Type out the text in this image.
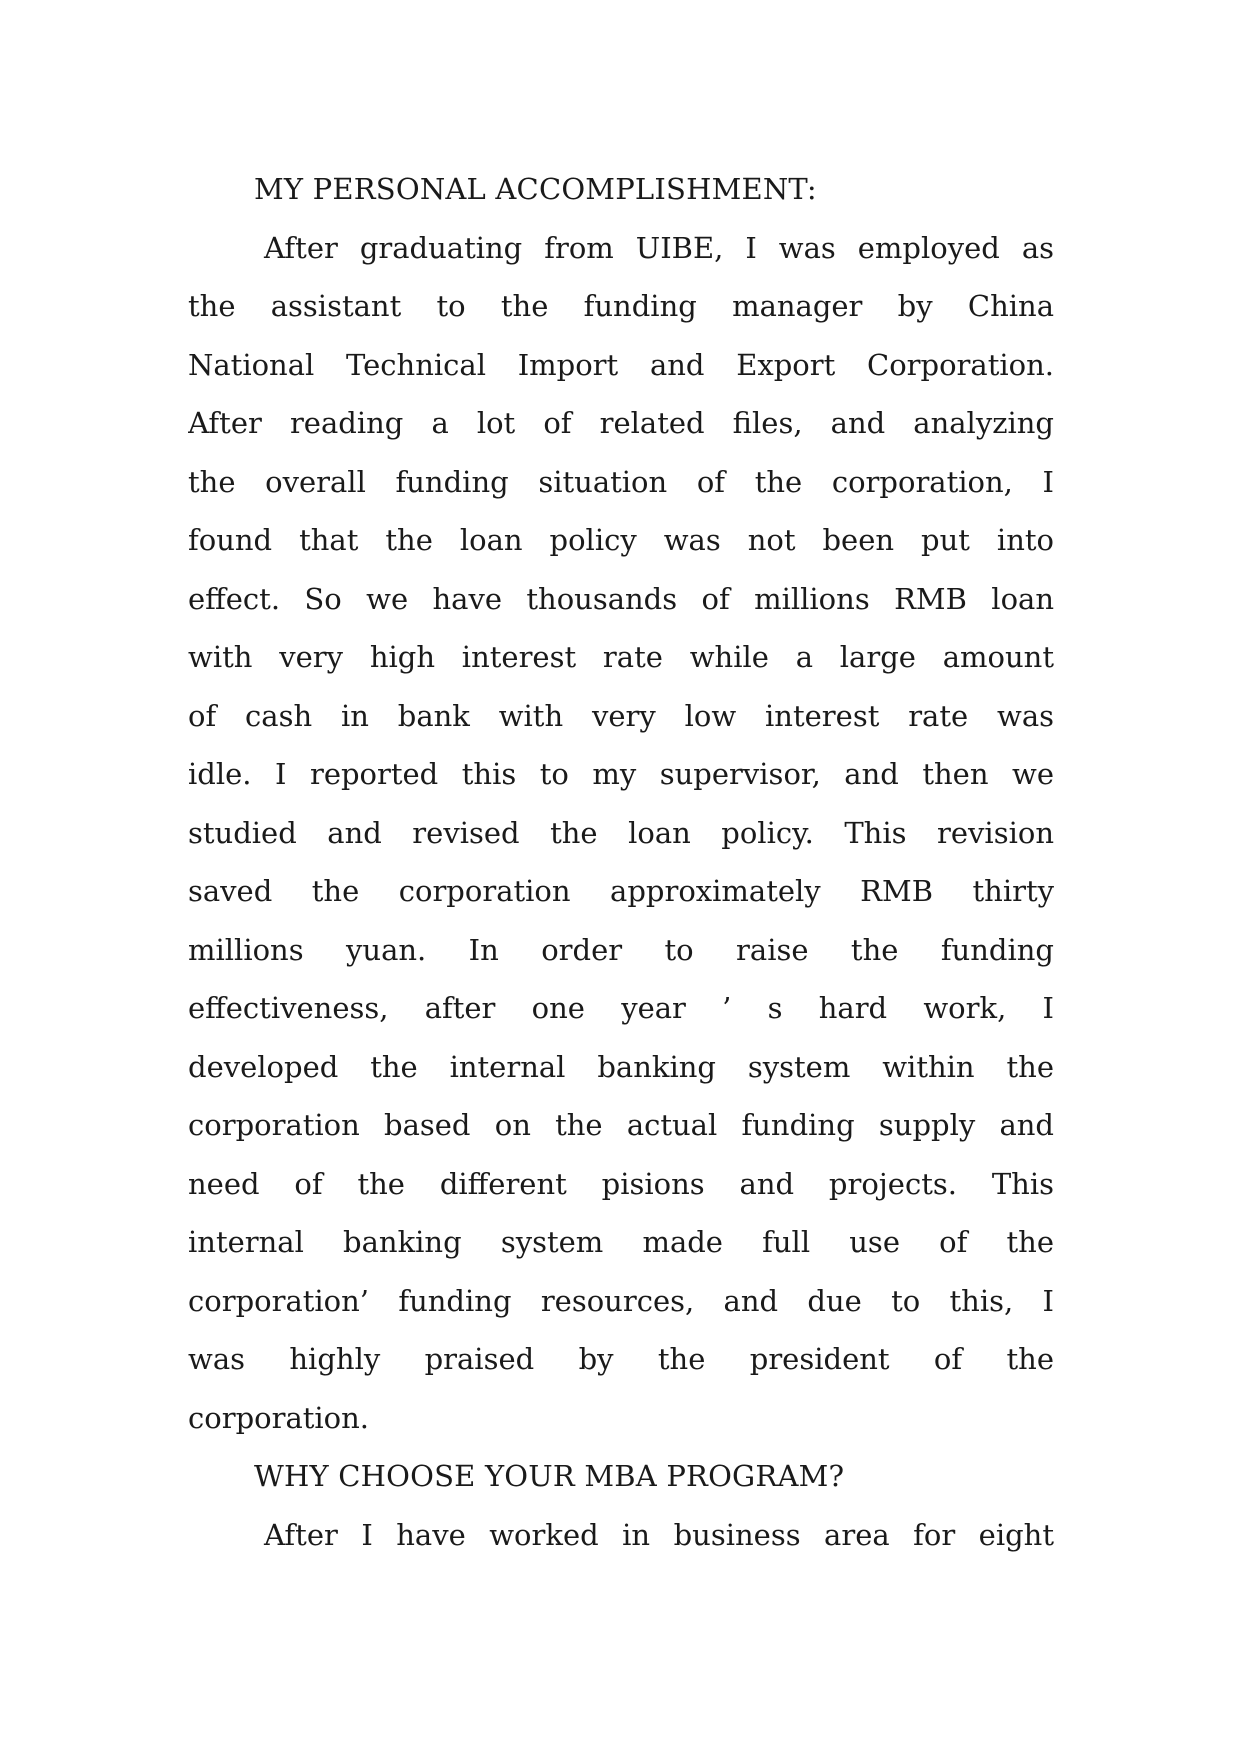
MY PERSONAL ACCOMPLISHMENT:

After graduating from UIBE, I was employed as

the assistant to the funding manager by China

National Technical Import and Export Corporation.

After reading a lot of related files, and analyzing

the overall funding situation of the corporation, I

found that the loan policy was not been put into

effect. So we have thousands of millions RMB loan

with very high interest rate while a large amount

of cash in bank with very low interest rate was

idle. I reported this to my supervisor, and then we

studied and revised the loan policy. This revision

saved the corporation approximately RMB thirty

millions yuan. In order to raise the funding

effectiveness, after one year ’ s hard work, I

developed the internal banking system within the

corporation based on the actual funding supply and

need of the different pisions and projects. This

internal banking system made full use of the

corporation’ funding resources, and due to this, I

was highly praised by the president of the

corporation.

WHY CHOOSE YOUR MBA PROGRAM?

After I have worked in business area for eight
